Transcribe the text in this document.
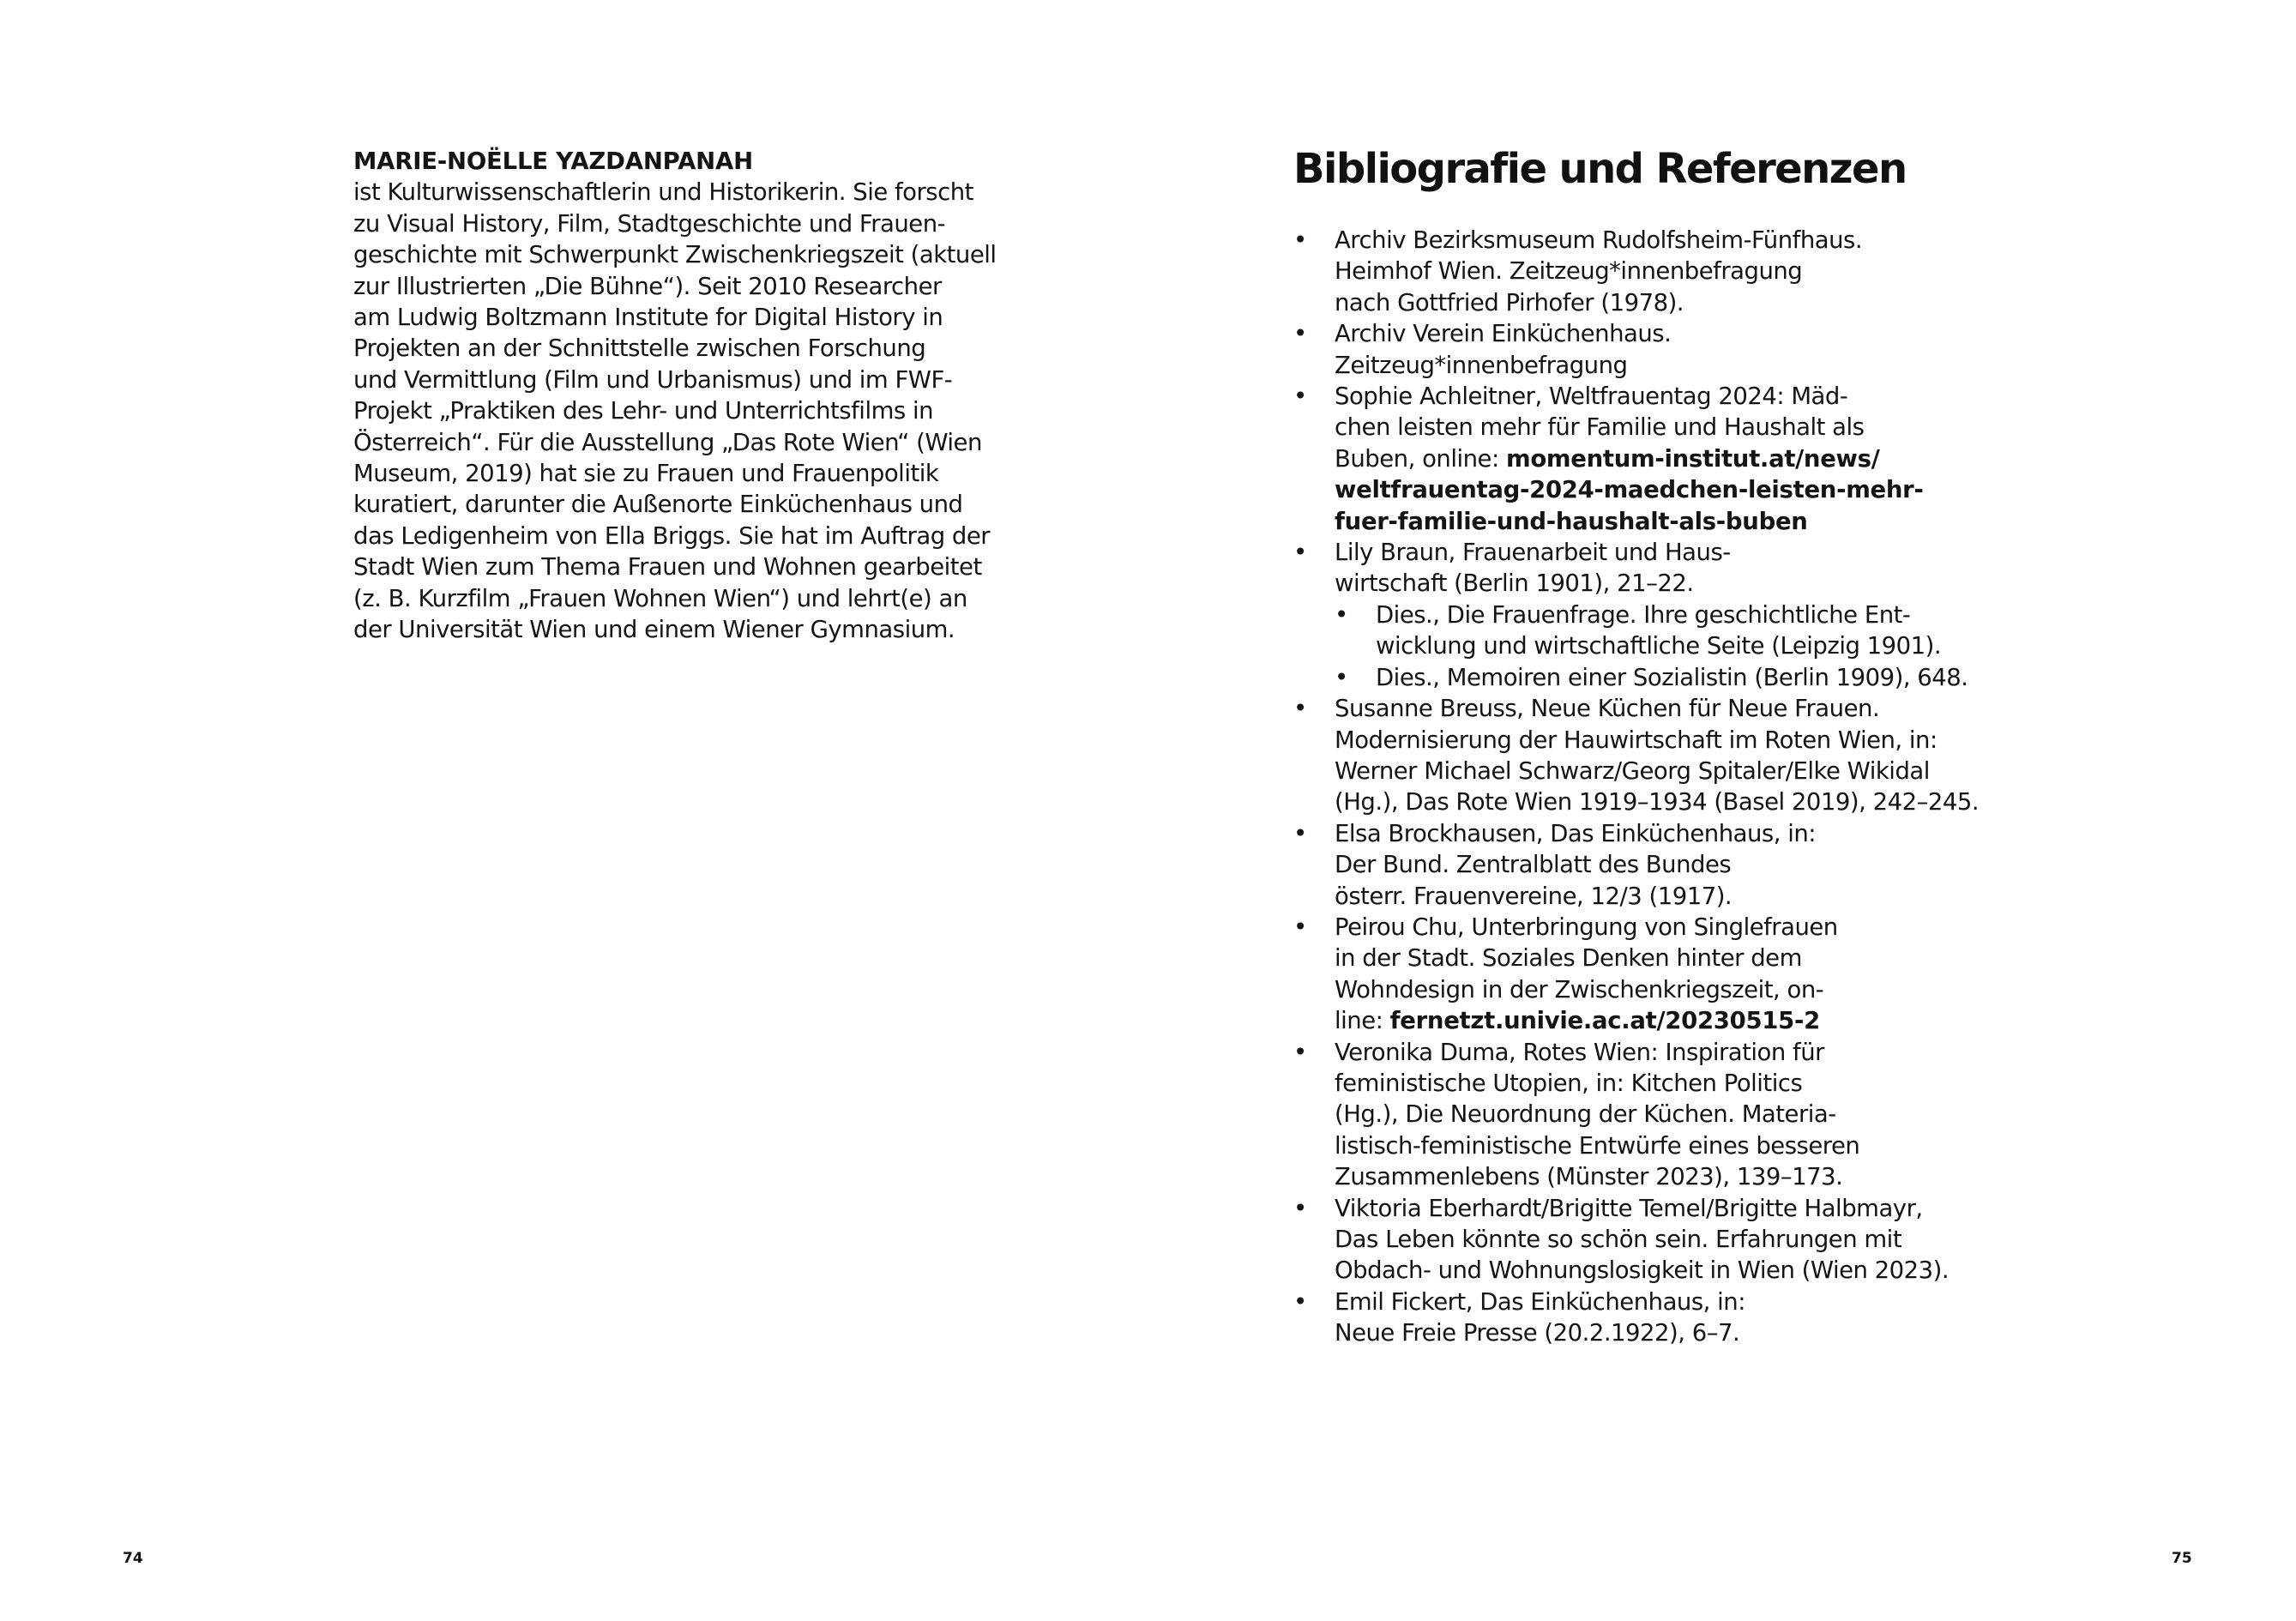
MARIE-NOËLLE YAZDANPANAH
ist Kulturwissenschaftlerin und Historikerin. Sie forscht
zu Visual History, Film, Stadtgeschichte und Frauen-
geschichte mit Schwerpunkt Zwischenkriegszeit (aktuell
zur Illustrierten „Die Bühne“). Seit 2010 Researcher
am Ludwig Boltzmann Institute for Digital History in
Projekten an der Schnittstelle zwischen Forschung
und Vermittlung (Film und Urbanismus) und im FWF-
Projekt „Praktiken des Lehr- und Unterrichtsfilms in
Österreich“. Für die Ausstellung „Das Rote Wien“ (Wien
Museum, 2019) hat sie zu Frauen und Frauenpolitik
kuratiert, darunter die Außenorte Einküchenhaus und
das Ledigenheim von Ella Briggs. Sie hat im Auftrag der
Stadt Wien zum Thema Frauen und Wohnen gearbeitet
(z. B. Kurzfilm „Frauen Wohnen Wien“) und lehrt(e) an
der Universität Wien und einem Wiener Gymnasium.
74
Bibliografie und Referenzen
• Archiv Bezirksmuseum Rudolfsheim-Fünfhaus.
Heimhof Wien. Zeitzeug*innenbefragung
nach Gottfried Pirhofer (1978).
• Archiv Verein Einküchenhaus.
Zeitzeug*innenbefragung
• Sophie Achleitner, Weltfrauentag 2024: Mäd-
chen leisten mehr für Familie und Haushalt als
Buben, online: momentum-institut.at/news/
weltfrauentag-2024-maedchen-leisten-mehr-
fuer-familie-und-haushalt-als-buben
• Lily Braun, Frauenarbeit und Haus-
wirtschaft (Berlin 1901), 21–22.
• Dies., Die Frauenfrage. Ihre geschichtliche Ent-
wicklung und wirtschaftliche Seite (Leipzig 1901).
• Dies., Memoiren einer Sozialistin (Berlin 1909), 648.
• Susanne Breuss, Neue Küchen für Neue Frauen.
Modernisierung der Hauwirtschaft im Roten Wien, in:
Werner Michael Schwarz/Georg Spitaler/Elke Wikidal
(Hg.), Das Rote Wien 1919–1934 (Basel 2019), 242–245.
• Elsa Brockhausen, Das Einküchenhaus, in:
Der Bund. Zentralblatt des Bundes
österr. Frauenvereine, 12/3 (1917).
• Peirou Chu, Unterbringung von Singlefrauen
in der Stadt. Soziales Denken hinter dem
Wohndesign in der Zwischenkriegszeit, on-
line: fernetzt.univie.ac.at/20230515-2
• Veronika Duma, Rotes Wien: Inspiration für
feministische Utopien, in: Kitchen Politics
(Hg.), Die Neuordnung der Küchen. Materia-
listisch-feministische Entwürfe eines besseren
Zusammenlebens (Münster 2023), 139–173.
• Viktoria Eberhardt/Brigitte Temel/Brigitte Halbmayr,
Das Leben könnte so schön sein. Erfahrungen mit
Obdach- und Wohnungslosigkeit in Wien (Wien 2023).
• Emil Fickert, Das Einküchenhaus, in:
Neue Freie Presse (20.2.1922), 6–7.
75
